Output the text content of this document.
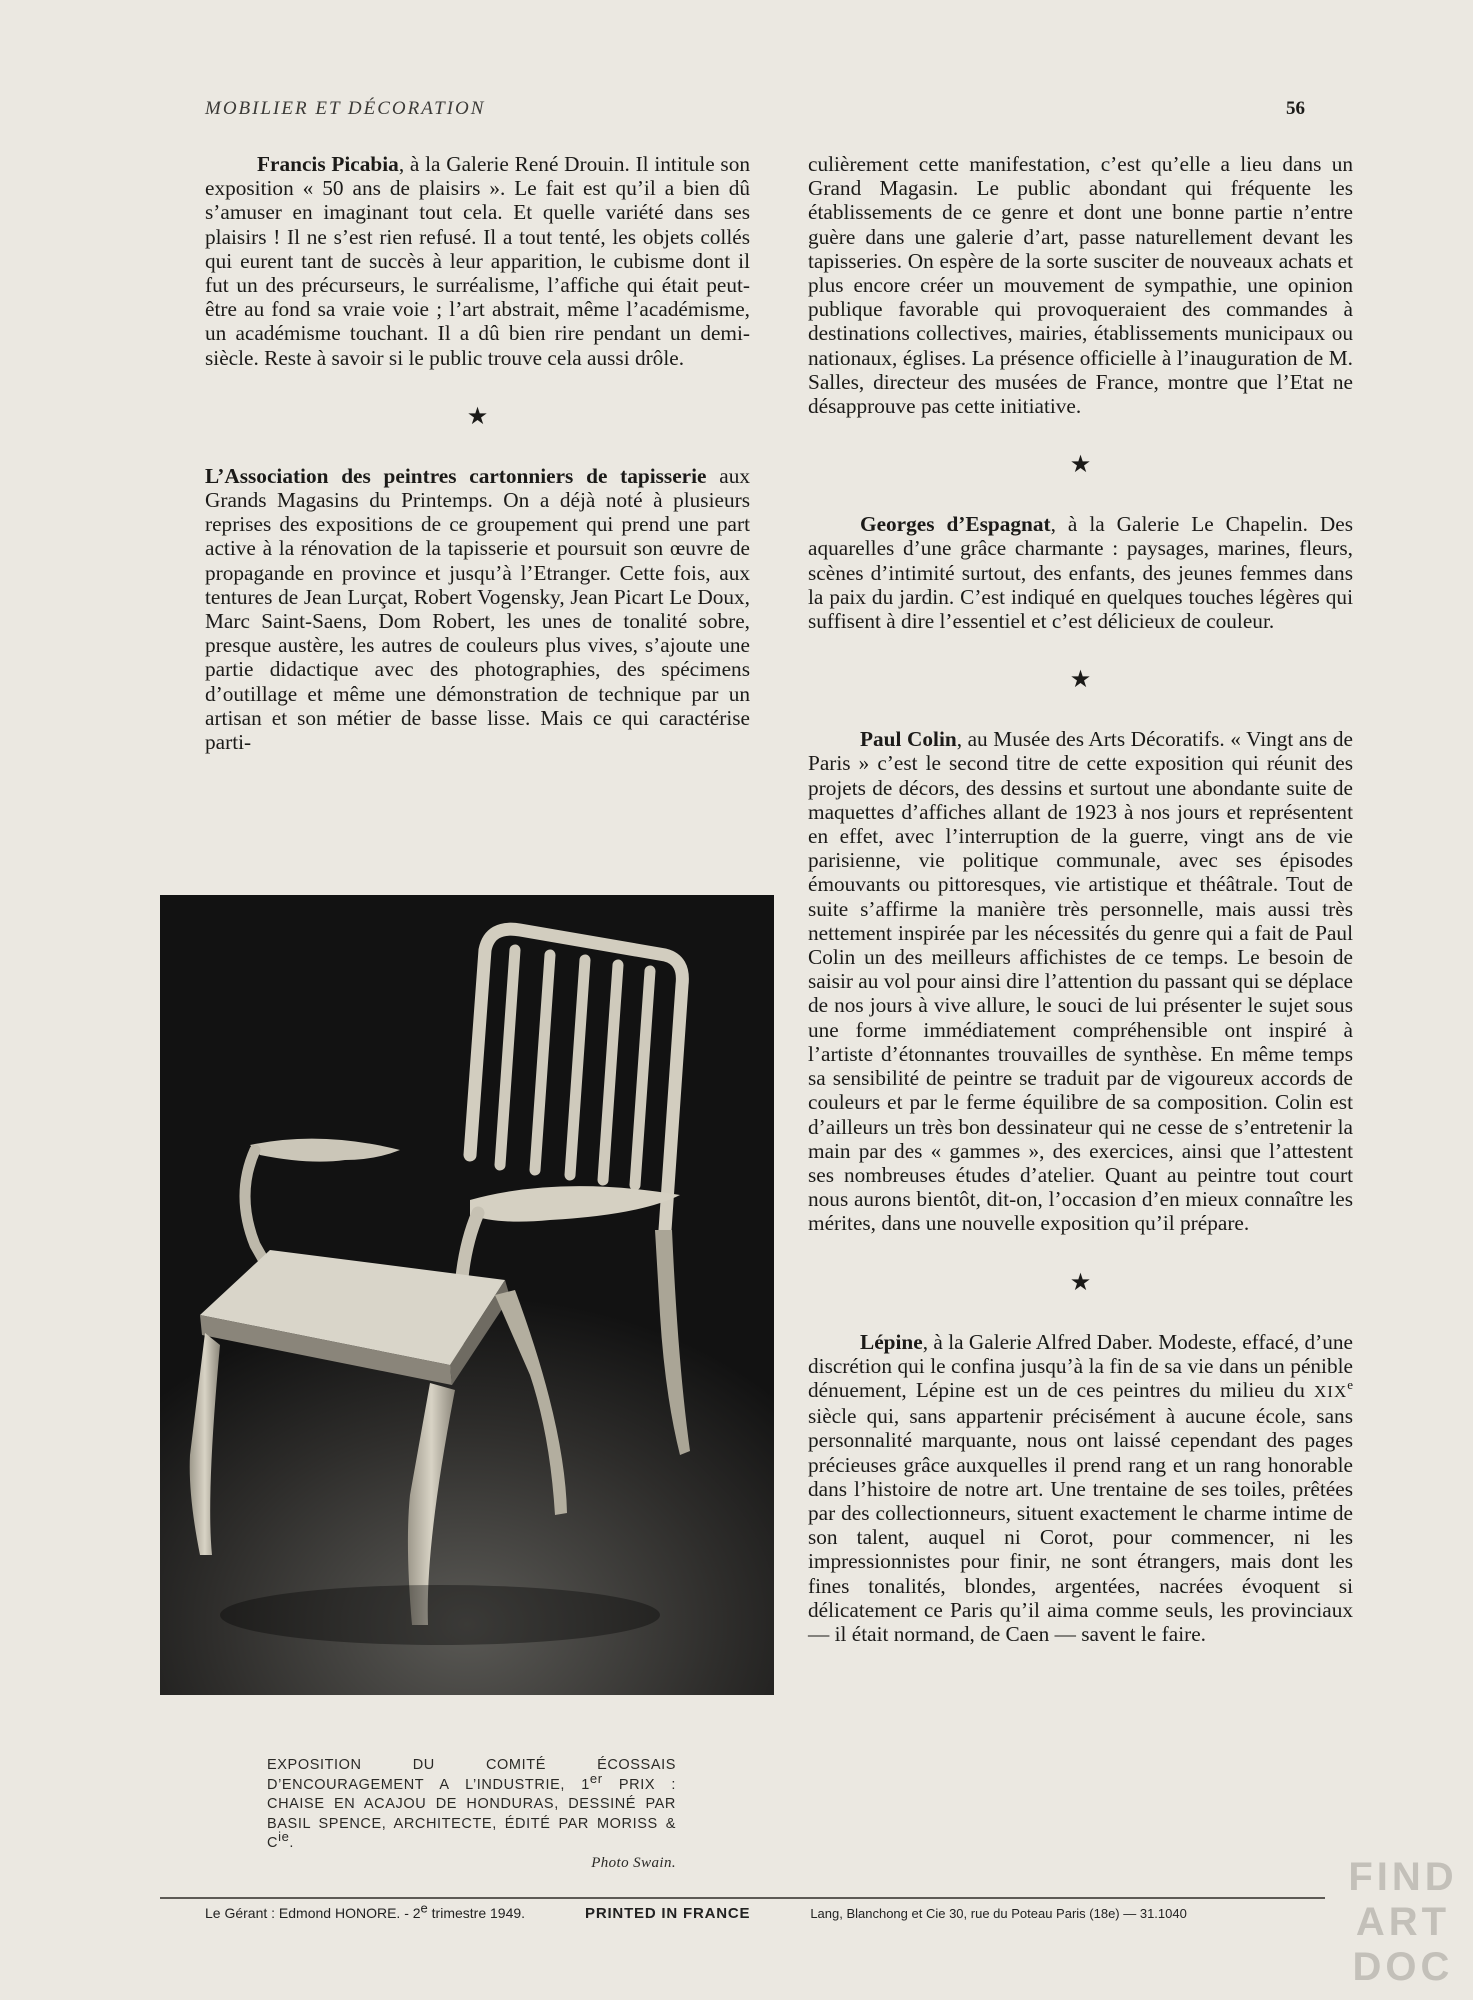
MOBILIER ET DÉCORATION	56

Francis Picabia, à la Galerie René Drouin. Il intitule son exposition « 50 ans de plaisirs ». Le fait est qu’il a bien dû s’amuser en imaginant tout cela. Et quelle variété dans ses plaisirs ! Il ne s’est rien refusé. Il a tout tenté, les objets collés qui eurent tant de succès à leur apparition, le cubisme dont il fut un des précurseurs, le surréalisme, l’affiche qui était peut-être au fond sa vraie voie ; l’art abstrait, même l’académisme, un académisme touchant. Il a dû bien rire pendant un demi-siècle. Reste à savoir si le public trouve cela aussi drôle.

★

L’Association des peintres cartonniers de tapisserie aux Grands Magasins du Printemps. On a déjà noté à plusieurs reprises des expositions de ce groupement qui prend une part active à la rénovation de la tapisserie et poursuit son œuvre de propagande en province et jusqu’à l’Etranger. Cette fois, aux tentures de Jean Lurçat, Robert Vogensky, Jean Picart Le Doux, Marc Saint-Saens, Dom Robert, les unes de tonalité sobre, presque austère, les autres de couleurs plus vives, s’ajoute une partie didactique avec des photographies, des spécimens d’outillage et même une démonstration de technique par un artisan et son métier de basse lisse. Mais ce qui caractérise parti-

culièrement cette manifestation, c’est qu’elle a lieu dans un Grand Magasin. Le public abondant qui fréquente les établissements de ce genre et dont une bonne partie n’entre guère dans une galerie d’art, passe naturellement devant les tapisseries. On espère de la sorte susciter de nouveaux achats et plus encore créer un mouvement de sympathie, une opinion publique favorable qui provoqueraient des commandes à destinations collectives, mairies, établissements municipaux ou nationaux, églises. La présence officielle à l’inauguration de M. Salles, directeur des musées de France, montre que l’Etat ne désapprouve pas cette initiative.

★

Georges d’Espagnat, à la Galerie Le Chapelin. Des aquarelles d’une grâce charmante : paysages, marines, fleurs, scènes d’intimité surtout, des enfants, des jeunes femmes dans la paix du jardin. C’est indiqué en quelques touches légères qui suffisent à dire l’essentiel et c’est délicieux de couleur.

★

Paul Colin, au Musée des Arts Décoratifs. « Vingt ans de Paris » c’est le second titre de cette exposition qui réunit des projets de décors, des dessins et surtout une abondante suite de maquettes d’affiches allant de 1923 à nos jours et représentent en effet, avec l’interruption de la guerre, vingt ans de vie parisienne, vie politique communale, avec ses épisodes émouvants ou pittoresques, vie artistique et théâtrale. Tout de suite s’affirme la manière très personnelle, mais aussi très nettement inspirée par les nécessités du genre qui a fait de Paul Colin un des meilleurs affichistes de ce temps. Le besoin de saisir au vol pour ainsi dire l’attention du passant qui se déplace de nos jours à vive allure, le souci de lui présenter le sujet sous une forme immédiatement compréhensible ont inspiré à l’artiste d’étonnantes trouvailles de synthèse. En même temps sa sensibilité de peintre se traduit par de vigoureux accords de couleurs et par le ferme équilibre de sa composition. Colin est d’ailleurs un très bon dessinateur qui ne cesse de s’entretenir la main par des « gammes », des exercices, ainsi que l’attestent ses nombreuses études d’atelier. Quant au peintre tout court nous aurons bientôt, dit-on, l’occasion d’en mieux connaître les mérites, dans une nouvelle exposition qu’il prépare.

★

Lépine, à la Galerie Alfred Daber. Modeste, effacé, d’une discrétion qui le confina jusqu’à la fin de sa vie dans un pénible dénuement, Lépine est un de ces peintres du milieu du XIXe siècle qui, sans appartenir précisément à aucune école, sans personnalité marquante, nous ont laissé cependant des pages précieuses grâce auxquelles il prend rang et un rang honorable dans l’histoire de notre art. Une trentaine de ses toiles, prêtées par des collectionneurs, situent exactement le charme intime de son talent, auquel ni Corot, pour commencer, ni les impressionnistes pour finir, ne sont étrangers, mais dont les fines tonalités, blondes, argentées, nacrées évoquent si délicatement ce Paris qu’il aima comme seuls, les provinciaux — il était normand, de Caen — savent le faire.

EXPOSITION DU COMITÉ ÉCOSSAIS D’ENCOURAGEMENT A L’INDUSTRIE, 1er PRIX : CHAISE EN ACAJOU DE HONDURAS, DESSINÉ PAR BASIL SPENCE, ARCHITECTE, ÉDITÉ PAR MORISS & Cie.
Photo Swain.
Le Gérant : Edmond HONORE. - 2e trimestre 1949.	PRINTED IN FRANCE	Lang, Blanchong et Cie 30, rue du Poteau Paris (18e) — 31.1040
FIND
ART
DOC
